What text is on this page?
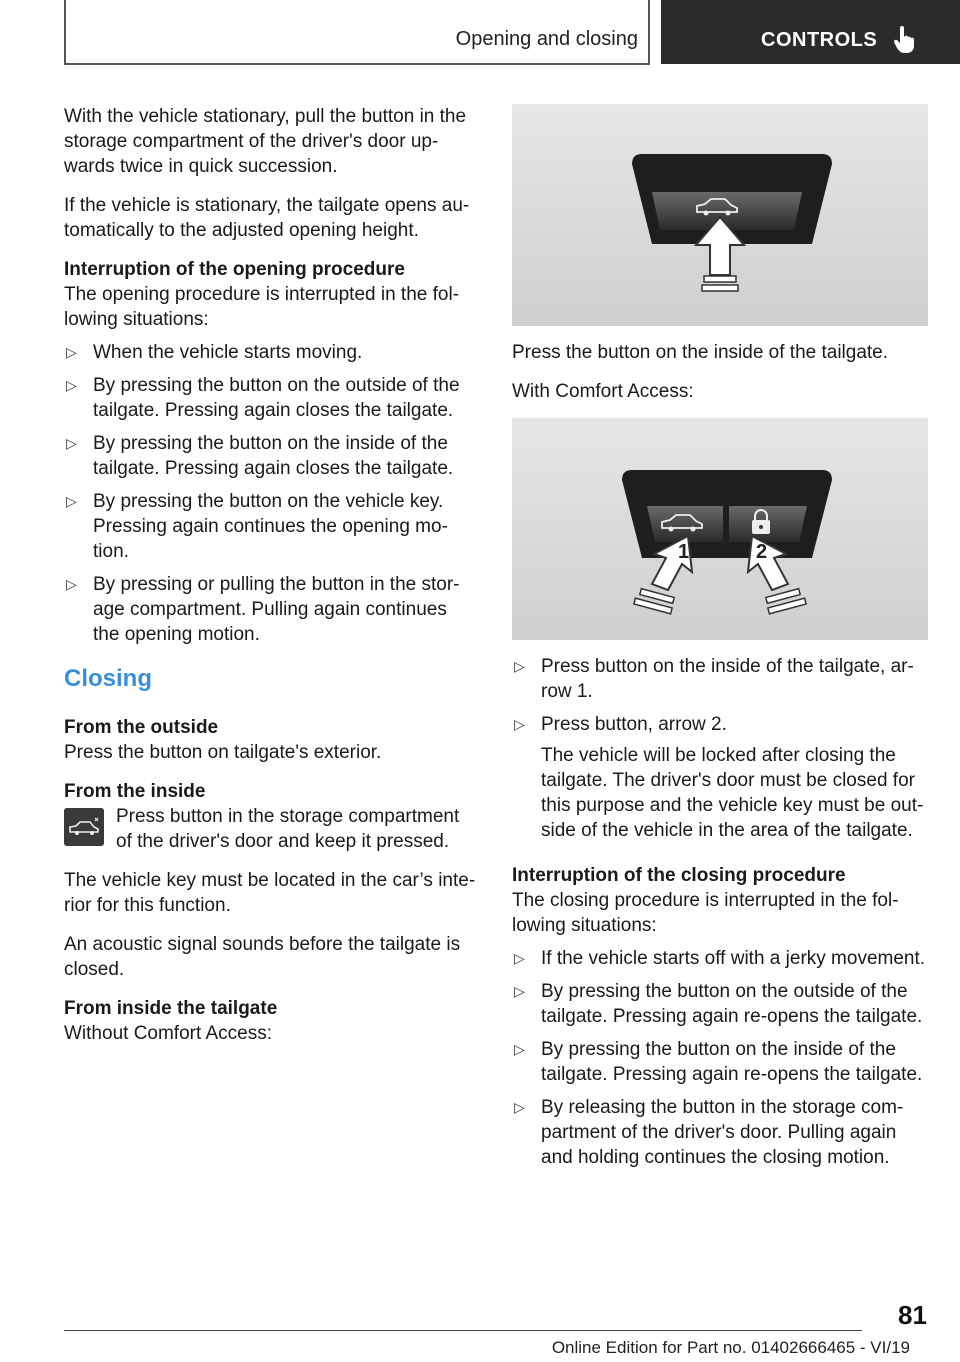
Opening and closing	CONTROLS

With the vehicle stationary, pull the button in the storage compartment of the driver's door upwards twice in quick succession.

If the vehicle is stationary, the tailgate opens automatically to the adjusted opening height.

Interruption of the opening procedure

The opening procedure is interrupted in the following situations:

▷ When the vehicle starts moving.
▷ By pressing the button on the outside of the tailgate. Pressing again closes the tailgate.
▷ By pressing the button on the inside of the tailgate. Pressing again closes the tailgate.
▷ By pressing the button on the vehicle key. Pressing again continues the opening motion.
▷ By pressing or pulling the button in the storage compartment. Pulling again continues the opening motion.
Closing
From the outside

Press the button on tailgate's exterior.

From the inside
Press button in the storage compartment of the driver's door and keep it pressed.

The vehicle key must be located in the car’s interior for this function.

An acoustic signal sounds before the tailgate is closed.

From inside the tailgate

Without Comfort Access:

Press the button on the inside of the tailgate.

With Comfort Access:

1	2
▷ Press button on the inside of the tailgate, arrow 1.
▷ Press button, arrow 2.

The vehicle will be locked after closing the tailgate. The driver's door must be closed for this purpose and the vehicle key must be outside of the vehicle in the area of the tailgate.

Interruption of the closing procedure

The closing procedure is interrupted in the following situations:

▷ If the vehicle starts off with a jerky movement.
▷ By pressing the button on the outside of the tailgate. Pressing again re-opens the tailgate.
▷ By pressing the button on the inside of the tailgate. Pressing again re-opens the tailgate.
▷ By releasing the button in the storage compartment of the driver's door. Pulling again and holding continues the closing motion.
81
Online Edition for Part no. 01402666465 - VI/19
